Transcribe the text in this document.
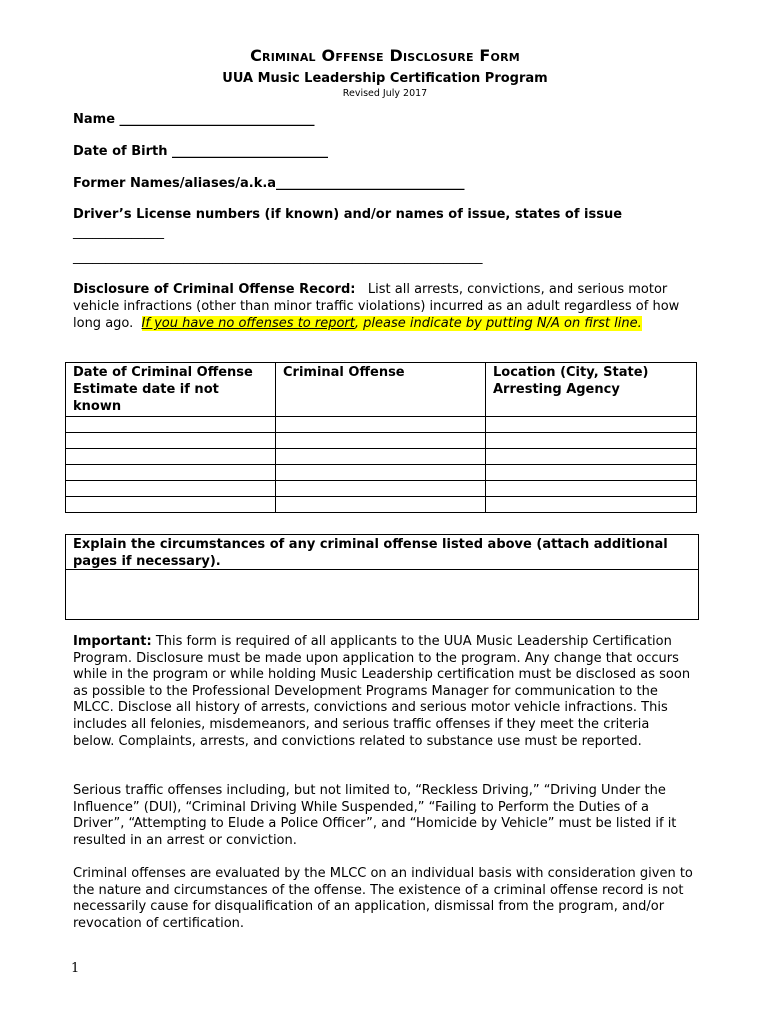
Criminal Offense Disclosure Form
UUA Music Leadership Certification Program
Revised July 2017
Name ______________________________
Date of Birth ________________________
Former Names/aliases/a.k.a_____________________________
Driver’s License numbers (if known) and/or names of issue, states of issue
______________
_______________________________________________________________
Disclosure of Criminal Offense Record: List all arrests, convictions, and serious motor vehicle infractions (other than minor traffic violations) incurred as an adult regardless of how long ago. If you have no offenses to report, please indicate by putting N/A on first line.
Date of Criminal Offense Estimate date if not known	Criminal Offense	Location (City, State) Arresting Agency

Explain the circumstances of any criminal offense listed above (attach additional pages if necessary).
Important: This form is required of all applicants to the UUA Music Leadership Certification Program. Disclosure must be made upon application to the program. Any change that occurs while in the program or while holding Music Leadership certification must be disclosed as soon as possible to the Professional Development Programs Manager for communication to the MLCC. Disclose all history of arrests, convictions and serious motor vehicle infractions. This includes all felonies, misdemeanors, and serious traffic offenses if they meet the criteria below. Complaints, arrests, and convictions related to substance use must be reported.
Serious traffic offenses including, but not limited to, “Reckless Driving,” “Driving Under the Influence” (DUI), “Criminal Driving While Suspended,” “Failing to Perform the Duties of a Driver”, “Attempting to Elude a Police Officer”, and “Homicide by Vehicle” must be listed if it resulted in an arrest or conviction.
Criminal offenses are evaluated by the MLCC on an individual basis with consideration given to the nature and circumstances of the offense. The existence of a criminal offense record is not necessarily cause for disqualification of an application, dismissal from the program, and/or revocation of certification.
1
